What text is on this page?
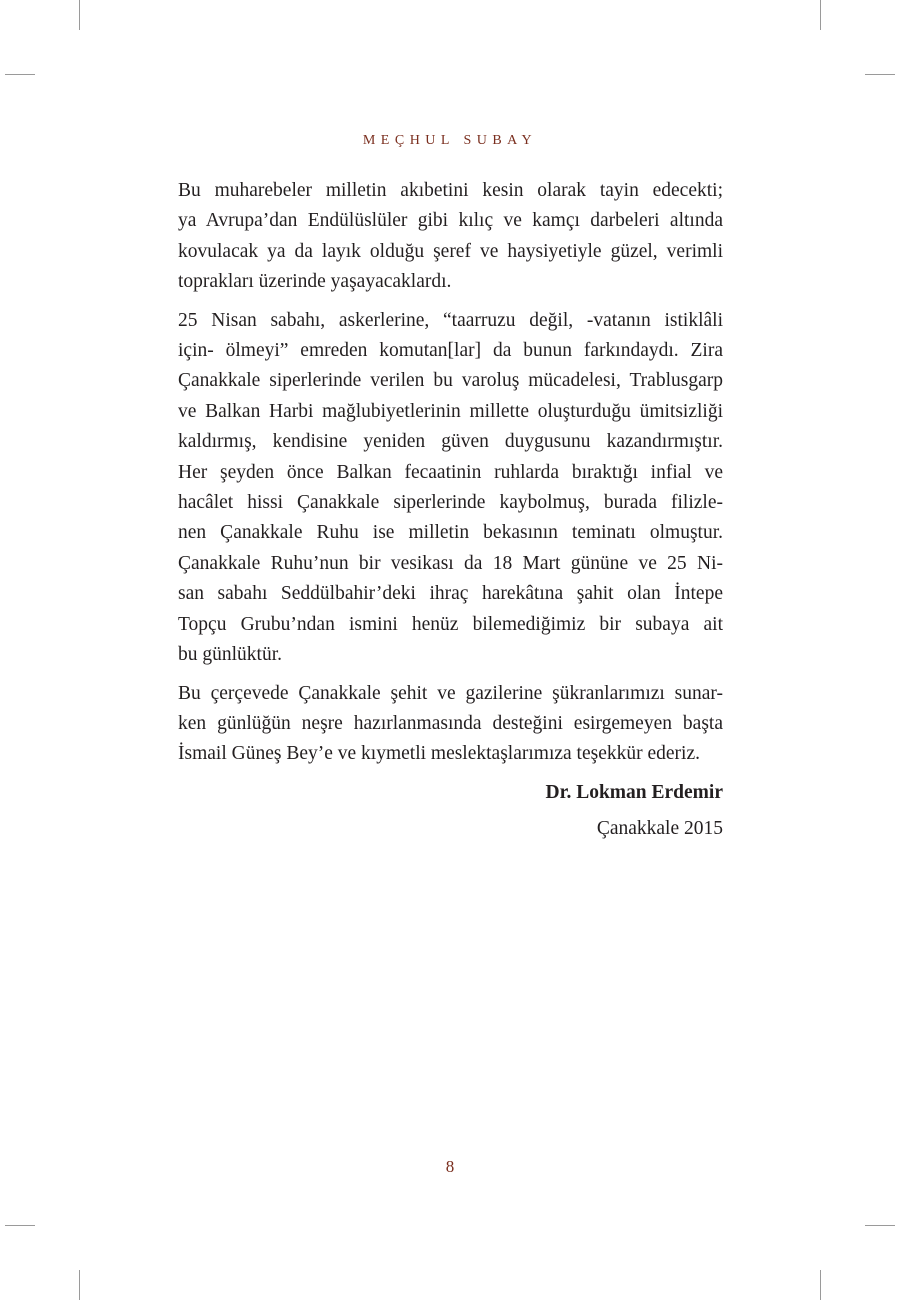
MEÇHUL SUBAY
Bu muharebeler milletin akıbetini kesin olarak tayin edecekti;
ya Avrupa’dan Endülüslüler gibi kılıç ve kamçı darbeleri altında
kovulacak ya da layık olduğu şeref ve haysiyetiyle güzel, verimli
toprakları üzerinde yaşayacaklardı.
25 Nisan sabahı, askerlerine, “taarruzu değil, -vatanın istiklâli
için- ölmeyi” emreden komutan[lar] da bunun farkındaydı. Zira
Çanakkale siperlerinde verilen bu varoluş mücadelesi, Trablusgarp
ve Balkan Harbi mağlubiyetlerinin millette oluşturduğu ümitsizliği
kaldırmış, kendisine yeniden güven duygusunu kazandırmıştır.
Her şeyden önce Balkan fecaatinin ruhlarda bıraktığı infial ve
hacâlet hissi Çanakkale siperlerinde kaybolmuş, burada filizle-
nen Çanakkale Ruhu ise milletin bekasının teminatı olmuştur.
Çanakkale Ruhu’nun bir vesikası da 18 Mart gününe ve 25 Ni-
san sabahı Seddülbahir’deki ihraç harekâtına şahit olan İntepe
Topçu Grubu’ndan ismini henüz bilemediğimiz bir subaya ait
bu günlüktür.
Bu çerçevede Çanakkale şehit ve gazilerine şükranlarımızı sunar-
ken günlüğün neşre hazırlanmasında desteğini esirgemeyen başta
İsmail Güneş Bey’e ve kıymetli meslektaşlarımıza teşekkür ederiz.
Dr. Lokman Erdemir
Çanakkale 2015
8
